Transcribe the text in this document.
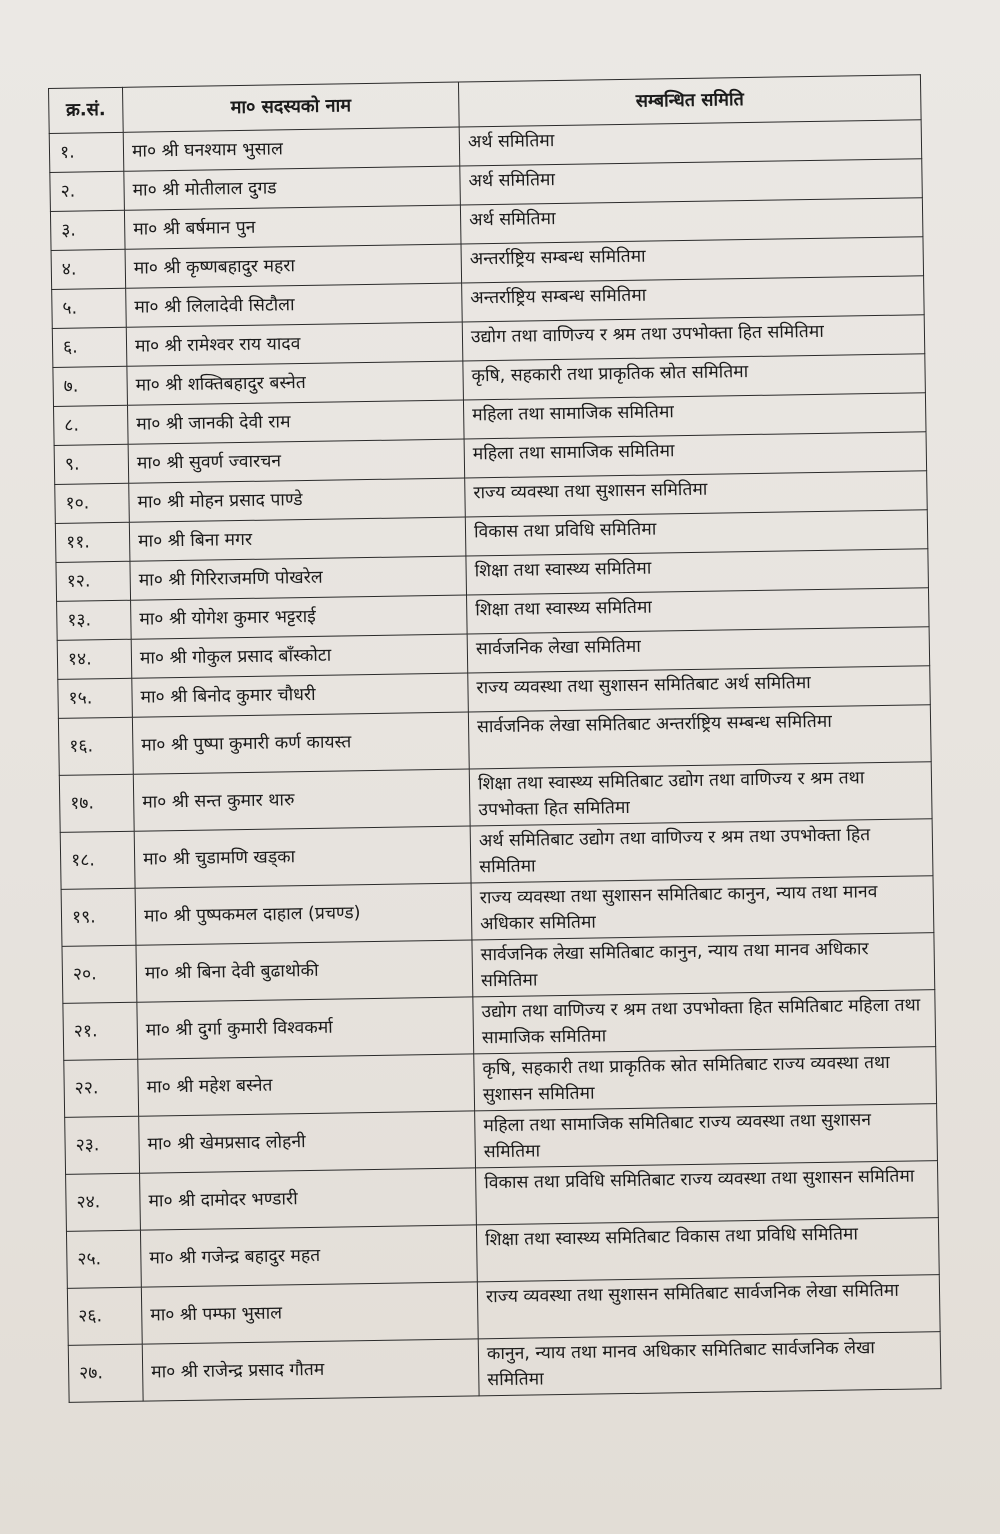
क्र.सं.	मा० सदस्यको नाम	सम्बन्धित समिति
१.	मा० श्री घनश्याम भुसाल	अर्थ समितिमा
२.	मा० श्री मोतीलाल दुगड	अर्थ समितिमा
३.	मा० श्री बर्षमान पुन	अर्थ समितिमा
४.	मा० श्री कृष्णबहादुर महरा	अन्तर्राष्ट्रिय सम्बन्ध समितिमा
५.	मा० श्री लिलादेवी सिटौला	अन्तर्राष्ट्रिय सम्बन्ध समितिमा
६.	मा० श्री रामेश्वर राय यादव	उद्योग तथा वाणिज्य र श्रम तथा उपभोक्ता हित समितिमा
७.	मा० श्री शक्तिबहादुर बस्नेत	कृषि, सहकारी तथा प्राकृतिक स्रोत समितिमा
८.	मा० श्री जानकी देवी राम	महिला तथा सामाजिक समितिमा
९.	मा० श्री सुवर्ण ज्वारचन	महिला तथा सामाजिक समितिमा
१०.	मा० श्री मोहन प्रसाद पाण्डे	राज्य व्यवस्था तथा सुशासन समितिमा
११.	मा० श्री बिना मगर	विकास तथा प्रविधि समितिमा
१२.	मा० श्री गिरिराजमणि पोखरेल	शिक्षा तथा स्वास्थ्य समितिमा
१३.	मा० श्री योगेश कुमार भट्टराई	शिक्षा तथा स्वास्थ्य समितिमा
१४.	मा० श्री गोकुल प्रसाद बाँस्कोटा	सार्वजनिक लेखा समितिमा
१५.	मा० श्री बिनोद कुमार चौधरी	राज्य व्यवस्था तथा सुशासन समितिबाट अर्थ समितिमा
१६.	मा० श्री पुष्पा कुमारी कर्ण कायस्त	सार्वजनिक लेखा समितिबाट अन्तर्राष्ट्रिय सम्बन्ध समितिमा
१७.	मा० श्री सन्त कुमार थारु	शिक्षा तथा स्वास्थ्य समितिबाट उद्योग तथा वाणिज्य र श्रम तथा उपभोक्ता हित समितिमा
१८.	मा० श्री चुडामणि खड्का	अर्थ समितिबाट उद्योग तथा वाणिज्य र श्रम तथा उपभोक्ता हित समितिमा
१९.	मा० श्री पुष्पकमल दाहाल (प्रचण्ड)	राज्य व्यवस्था तथा सुशासन समितिबाट कानुन, न्याय तथा मानव अधिकार समितिमा
२०.	मा० श्री बिना देवी बुढाथोकी	सार्वजनिक लेखा समितिबाट कानुन, न्याय तथा मानव अधिकार समितिमा
२१.	मा० श्री दुर्गा कुमारी विश्वकर्मा	उद्योग तथा वाणिज्य र श्रम तथा उपभोक्ता हित समितिबाट महिला तथा सामाजिक समितिमा
२२.	मा० श्री महेश बस्नेत	कृषि, सहकारी तथा प्राकृतिक स्रोत समितिबाट राज्य व्यवस्था तथा सुशासन समितिमा
२३.	मा० श्री खेमप्रसाद लोहनी	महिला तथा सामाजिक समितिबाट राज्य व्यवस्था तथा सुशासन समितिमा
२४.	मा० श्री दामोदर भण्डारी	विकास तथा प्रविधि समितिबाट राज्य व्यवस्था तथा सुशासन समितिमा
२५.	मा० श्री गजेन्द्र बहादुर महत	शिक्षा तथा स्वास्थ्य समितिबाट विकास तथा प्रविधि समितिमा
२६.	मा० श्री पम्फा भुसाल	राज्य व्यवस्था तथा सुशासन समितिबाट सार्वजनिक लेखा समितिमा
२७.	मा० श्री राजेन्द्र प्रसाद गौतम	कानुन, न्याय तथा मानव अधिकार समितिबाट सार्वजनिक लेखा समितिमा
